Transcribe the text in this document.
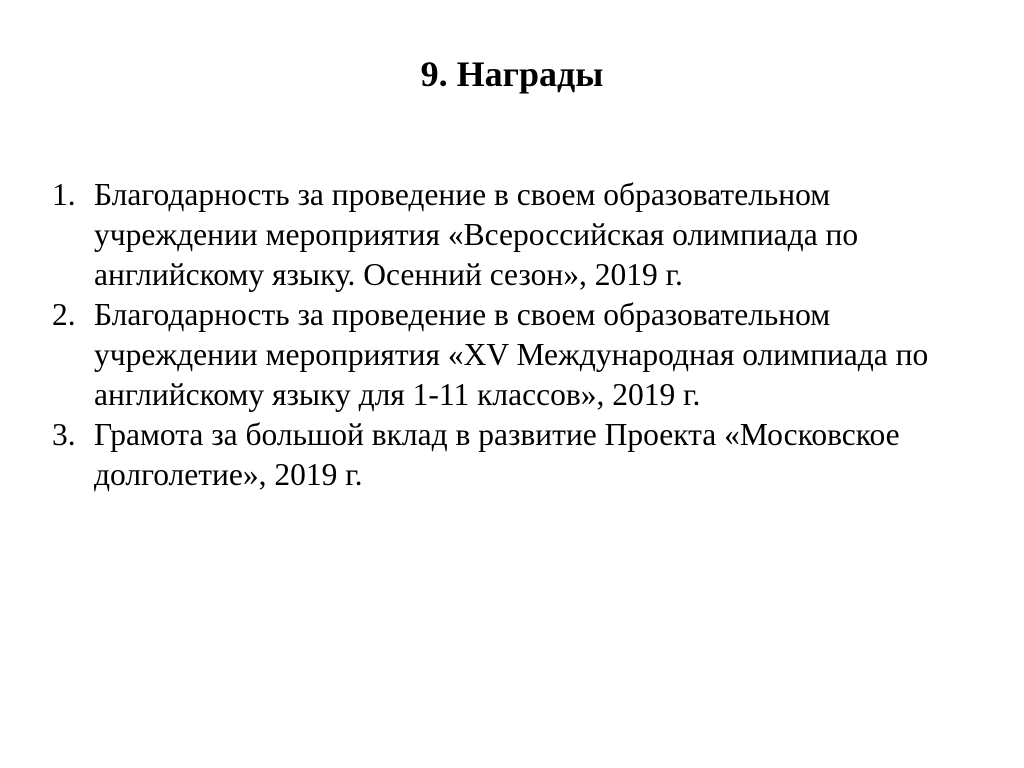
9. Награды
1. Благодарность за проведение в своем образовательном учреждении мероприятия «Всероссийская олимпиада по английскому языку. Осенний сезон», 2019 г.
2. Благодарность за проведение в своем образовательном учреждении мероприятия «XV Международная олимпиада по английскому языку для 1-11 классов», 2019 г.
3. Грамота за большой вклад в развитие Проекта «Московское долголетие», 2019 г.
